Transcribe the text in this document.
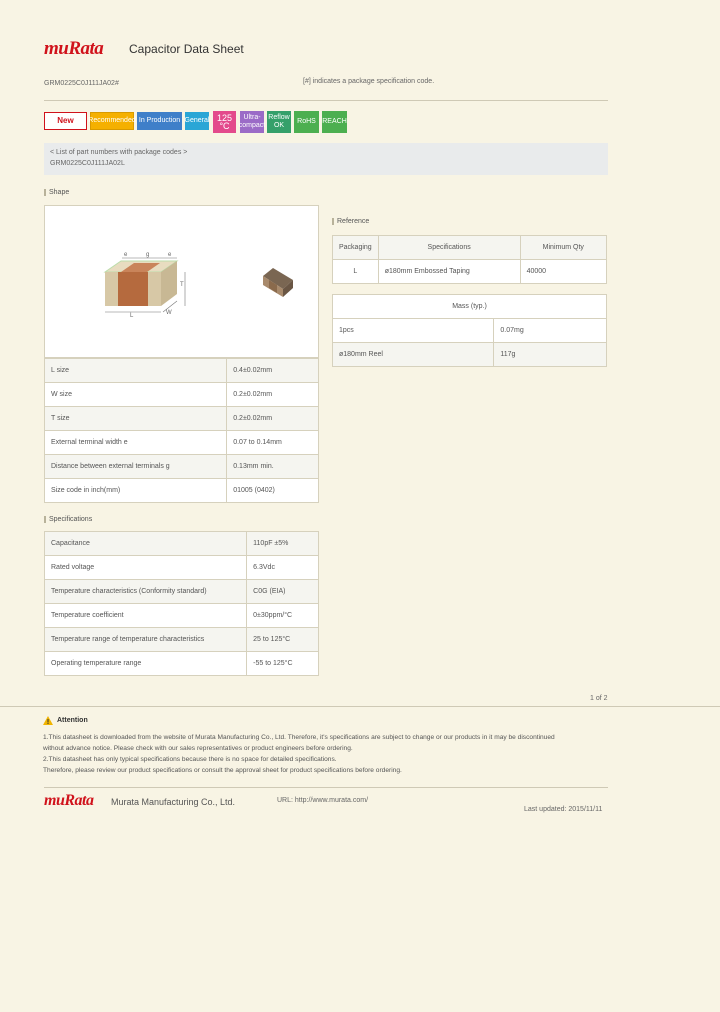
muRata Capacitor Data Sheet
GRM0225C0J111JA02#	[#] indicates a package specification code.
New	Recommended In Production General 125 °C
Ultra-compact
Reflow OK
RoHS REACH
< List of part numbers with package codes >
GRM0225C0J111JA02L
Shape
e	g	e
T
L	W
L size	0.4±0.02mm
W size	0.2±0.02mm
T size	0.2±0.02mm
External terminal width e	0.07 to 0.14mm
Distance between external terminals g	0.13mm min.
Size code in inch(mm)	01005 (0402)
Reference
Packaging	Specifications	Minimum Qty
L	ø180mm Embossed Taping	40000
Mass (typ.)	
1pcs	0.07mg
ø180mm Reel	117g
Specifications
Capacitance	110pF ±5%
Rated voltage	6.3Vdc
Temperature characteristics (Conformity standard)	C0G (EIA)
Temperature coefficient	0±30ppm/°C
Temperature range of temperature characteristics	25 to 125°C
Operating temperature range	-55 to 125°C
1 of 2
Attention
1.This datasheet is downloaded from the website of Murata Manufacturing Co., Ltd. Therefore, it's specifications are subject to change or our products in it may be discontinued
without advance notice. Please check with our sales representatives or product engineers before ordering.
2.This datasheet has only typical specifications because there is no space for detailed specifications.
Therefore, please review our product specifications or consult the approval sheet for product specifications before ordering.
muRata Murata Manufacturing Co., Ltd.	URL: http://www.murata.com/
Last updated: 2015/11/11
